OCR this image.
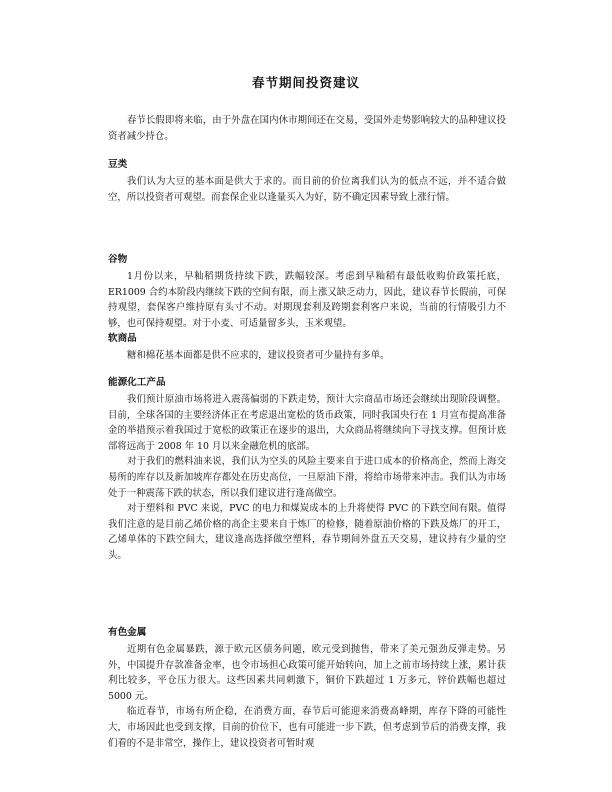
春节期间投资建议

春节长假即将来临，由于外盘在国内休市期间还在交易，受国外走势影响较大的品种建议投资者减少持仓。

豆类

我们认为大豆的基本面是供大于求的。而目前的价位离我们认为的低点不远，并不适合做空，所以投资者可观望。而套保企业以逢量买入为好，防不确定因素导致上涨行情。

谷物

1月份以来，早籼稻期货持续下跌，跌幅较深。考虑到早籼稻有最低收购价政策托底，ER1009 合约本阶段内继续下跌的空间有限，而上涨又缺乏动力，因此，建议春节长假前，可保持观望，套保客户维持原有头寸不动。对期现套利及跨期套利客户来说，当前的行情吸引力不够，也可保持观望。对于小麦、可适量留多头，玉米观望。

软商品

糖和棉花基本面都是供不应求的，建议投资者可少量持有多单。

能源化工产品

我们预计原油市场将进入震荡偏弱的下跌走势，预计大宗商品市场还会继续出现阶段调整。目前，全球各国的主要经济体正在考虑退出宽松的货币政策，同时我国央行在 1 月宣布提高准备金的举措预示着我国过于宽松的政策正在逐步的退出，大众商品将继续向下寻找支撑。但预计底部将远高于 2008 年 10 月以来金融危机的底部。

对于我们的燃料油来说，我们认为空头的风险主要来自于进口成本的价格高企，然而上海交易所的库存以及新加坡库存都处在历史高位，一旦原油下滑，将给市场带来冲击。我们认为市场处于一种震荡下跌的状态，所以我们建议进行逢高做空。

对于塑料和 PVC 来说，PVC 的电力和煤炭成本的上升将使得 PVC 的下跌空间有限。值得我们注意的是目前乙烯价格的高企主要来自于炼厂的检修，随着原油价格的下跌及炼厂的开工，乙烯单体的下跌空间大，建议逢高选择做空塑料，春节期间外盘五天交易，建议持有少量的空头。

有色金属

近期有色金属暴跌，源于欧元区债务问题，欧元受到抛售，带来了美元强劲反弹走势。另外，中国提升存款准备金率，也令市场担心政策可能开始转向，加上之前市场持续上涨，累计获利比较多，平仓压力很大。这些因素共同刺激下，铜价下跌超过 1 万多元，锌价跌幅也超过 5000 元。

临近春节，市场有所企稳，在消费方面，春节后可能迎来消费高峰期，库存下降的可能性大，市场因此也受到支撑，目前的价位下，也有可能进一步下跌，但考虑到节后的消费支撑，我们看的不是非常空，操作上，建议投资者可暂时观
